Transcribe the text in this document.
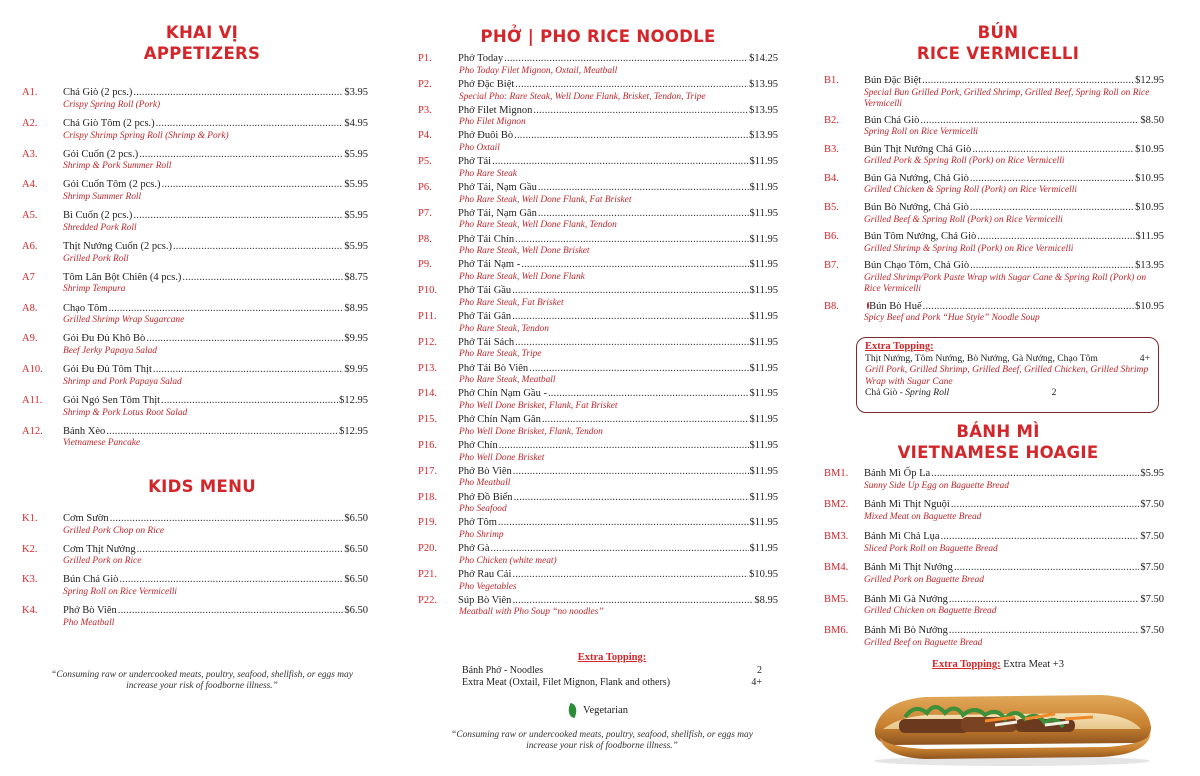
KHAI VỊ
APPETIZERS
A1.	Chả Giò (2 pcs.) .....	$3.95
Crispy Spring Roll (Pork)
A2.	Chả Giò Tôm (2 pcs.) .....	$4.95
Crispy Shrimp Spring Roll (Shrimp & Pork)
A3.	Gỏi Cuốn (2 pcs.) .....	$5.95
Shrimp & Pork Summer Roll
A4.	Gỏi Cuốn Tôm (2 pcs.) .....	$5.95
Shrimp Summer Roll
A5.	Bì Cuốn (2 pcs.) .....	$5.95
Shredded Pork Roll
A6.	Thịt Nướng Cuốn (2 pcs.) .....	$5.95
Grilled Pork Roll
A7	Tôm Lăn Bột Chiên (4 pcs.) .....	$8.75
Shrimp Tempura
A8.	Chạo Tôm .....	$8.95
Grilled Shrimp Wrap Sugarcane
A9.	Gỏi Đu Đủ Khô Bò .....	$9.95
Beef Jerky Papaya Salad
A10.	Gỏi Đu Đủ Tôm Thịt .....	$9.95
Shrimp and Pork Papaya Salad
A11.	Gỏi Ngó Sen Tôm Thịt .....	$12.95
Shrimp & Pork Lotus Root Salad
A12.	Bánh Xèo .....	$12.95
Vietnamese Pancake
KIDS MENU
K1.	Cơm Sườn .....	$6.50
Grilled Pork Chop on Rice
K2.	Cơm Thịt Nướng .....	$6.50
Grilled Pork on Rice
K3.	Bún Chả Giò .....	$6.50
Spring Roll on Rice Vermicelli
K4.	Phở Bò Viên .....	$6.50
Pho Meatball
“Consuming raw or undercooked meats, poultry, seafood, shellfish, or eggs may increase your risk of foodborne illness.”
PHỞ | PHO RICE NOODLE
P1.	Phở Today .....	$14.25
Pho Today Filet Mignon, Oxtail, Meatball
P2.	Phở Đặc Biệt .....	$13.95
Special Pho: Rare Steak, Well Done Flank, Brisket, Tendon, Tripe
P3.	Phở Filet Mignon .....	$13.95
Pho Filet Mignon
P4.	Phở Đuôi Bò .....	$13.95
Pho Oxtail
P5.	Phở Tái .....	$11.95
Pho Rare Steak
P6.	Phở Tái, Nạm Gầu .....	$11.95
Pho Rare Steak, Well Done Flank, Fat Brisket
P7.	Phở Tái, Nạm Gân .....	$11.95
Pho Rare Steak, Well Done Flank, Tendon
P8.	Phở Tái Chín .....	$11.95
Pho Rare Steak, Well Done Brisket
P9.	Phở Tái Nạm - .....	$11.95
Pho Rare Steak, Well Done Flank
P10.	Phở Tái Gầu .....	$11.95
Pho Rare Steak, Fat Brisket
P11.	Phở Tái Gân .....	$11.95
Pho Rare Steak, Tendon
P12.	Phở Tái Sách .....	$11.95
Pho Rare Steak, Tripe
P13.	Phở Tái Bò Viên .....	$11.95
Pho Rare Steak, Meatball
P14.	Phở Chín Nạm Gầu - .....	$11.95
Pho Well Done Brisket, Flank, Fat Brisket
P15.	Phở Chín Nạm Gân .....	$11.95
Pho Well Done Brisket, Flank, Tendon
P16.	Phở Chín .....	$11.95
Pho Well Done Brisket
P17.	Phở Bò Viên .....	$11.95
Pho Meatball
P18.	Phở Đồ Biển .....	$11.95
Pho Seafood
P19.	Phở Tôm .....	$11.95
Pho Shrimp
P20.	Phở Gà .....	$11.95
Pho Chicken (white meat)
P21.	Phở Rau Cải .....	$10.95
Pho Vegetables
P22.	Súp Bò Viên .....	$8.95
Meatball with Pho Soup “no noodles”
Extra Topping:
Bánh Phở - Noodles	2
Extra Meat (Oxtail, Filet Mignon, Flank and others)	4+
Vegetarian
“Consuming raw or undercooked meats, poultry, seafood, shellfish, or eggs may increase your risk of foodborne illness.”
BÚN
RICE VERMICELLI
B1.	Bún Đặc Biệt .....	$12.95
Special Bun Grilled Pork, Grilled Shrimp, Grilled Beef, Spring Roll on Rice Vermicelli
B2.	Bún Chả Giò .....	$8.50
Spring Roll on Rice Vermicelli
B3.	Bún Thịt Nướng Chả Giò .....	$10.95
Grilled Pork & Spring Roll (Pork) on Rice Vermicelli
B4.	Bún Gà Nướng, Chả Giò .....	$10.95
Grilled Chicken & Spring Roll (Pork) on Rice Vermicelli
B5.	Bún Bò Nướng, Chả Giò .....	$10.95
Grilled Beef & Spring Roll (Pork) on Rice Vermicelli
B6.	Bún Tôm Nướng, Chả Giò .....	$11.95
Grilled Shrimp & Spring Roll (Pork) on Rice Vermicelli
B7.	Bún Chạo Tôm, Chả Giò .....	$13.95
Grilled Shrimp/Pork Paste Wrap with Sugar Cane & Spring Roll (Pork) on Rice Vermicelli
B8.	Bún Bò Huế .....	$10.95
Spicy Beef and Pork “Hue Style” Noodle Soup
BÁNH MÌ
VIETNAMESE HOAGIE
BM1.	Bánh Mì Ốp La .....	$5.95
Sunny Side Up Egg on Baguette Bread
BM2.	Bánh Mì Thịt Nguội .....	$7.50
Mixed Meat on Baguette Bread
BM3.	Bánh Mì Chả Lụa .....	$7.50
Sliced Pork Roll on Baguette Bread
BM4.	Bánh Mì Thịt Nướng .....	$7.50
Grilled Pork on Baguette Bread
BM5.	Bánh Mì Gà Nướng .....	$7.50
Grilled Chicken on Baguette Bread
BM6.	Bánh Mì Bò Nướng .....	$7.50
Grilled Beef on Baguette Bread
Extra Topping: Extra Meat +3
Extra Topping:
Thịt Nướng, Tôm Nướng, Bò Nướng, Gà Nướng, Chạo Tôm	4+
Grill Pork, Grilled Shrimp, Grilled Beef, Grilled Chicken, Grilled Shrimp Wrap with Sugar Cane
Chả Giò - Spring Roll	2
